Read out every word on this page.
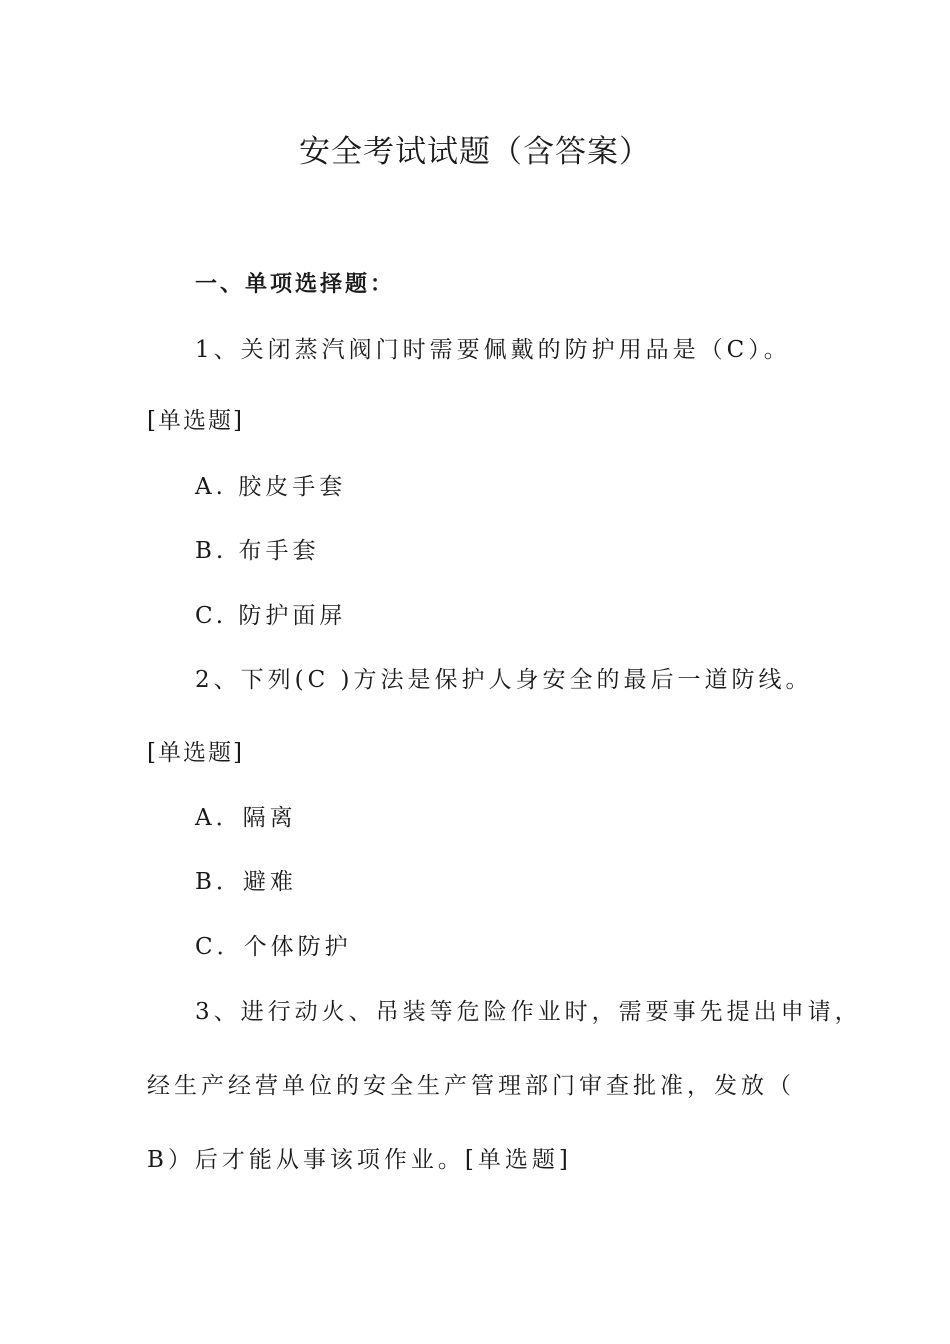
安全考试试题（含答案）
一、单项选择题：
1、关闭蒸汽阀门时需要佩戴的防护用品是（C）。
[单选题]
A. 胶皮手套
B. 布手套
C. 防护面屏
2、下列(C )方法是保护人身安全的最后一道防线。
[单选题]
A．隔离
B．避难
C．个体防护
3、进行动火、吊装等危险作业时，需要事先提出申请，
经生产经营单位的安全生产管理部门审查批准，发放（
B）后才能从事该项作业。[单选题]
